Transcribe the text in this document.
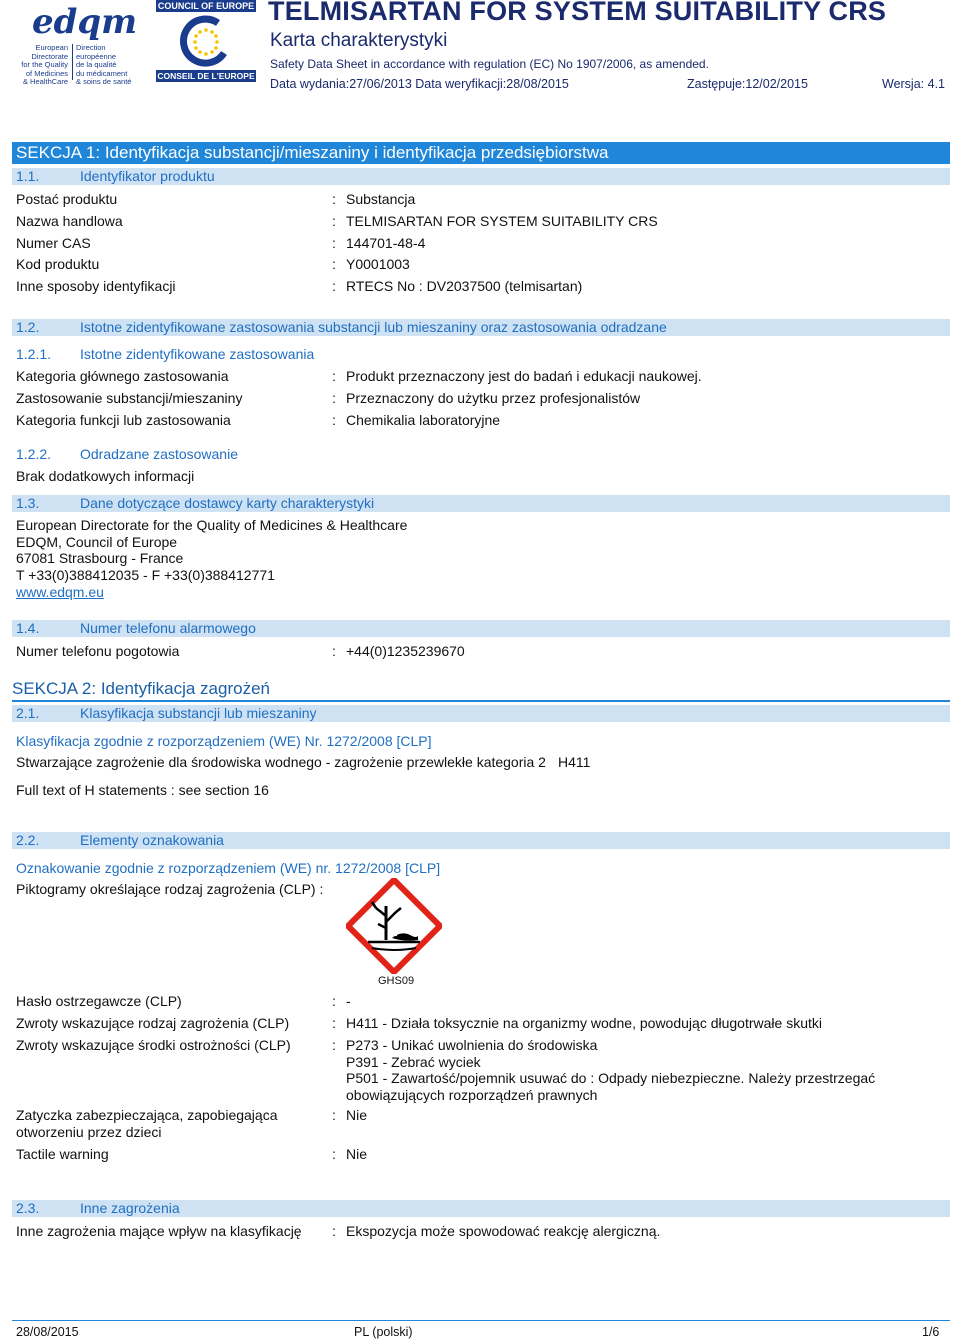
edqm
European Directorate
for the Quality
of Medicines
& HealthCare
Direction européenne
de la qualité
du médicament
& soins de santé
COUNCIL OF EUROPE
CONSEIL DE L'EUROPE
TELMISARTAN FOR SYSTEM SUITABILITY CRS
Karta charakterystyki
Safety Data Sheet in accordance with regulation (EC) No 1907/2006, as amended.
Data wydania:27/06/2013 Data weryfikacji:28/08/2015	Zastępuje:12/02/2015	Wersja: 4.1
SEKCJA 1: Identyfikacja substancji/mieszaniny i identyfikacja przedsiębiorstwa
1.1.	Identyfikator produktu
Postać produktu	: Substancja
Nazwa handlowa	: TELMISARTAN FOR SYSTEM SUITABILITY CRS
Numer CAS	: 144701-48-4
Kod produktu	: Y0001003
Inne sposoby identyfikacji	: RTECS No : DV2037500 (telmisartan)
1.2.	Istotne zidentyfikowane zastosowania substancji lub mieszaniny oraz zastosowania odradzane
1.2.1. Istotne zidentyfikowane zastosowania
Kategoria głównego zastosowania	: Produkt przeznaczony jest do badań i edukacji naukowej.
Zastosowanie substancji/mieszaniny	: Przeznaczony do użytku przez profesjonalistów
Kategoria funkcji lub zastosowania	: Chemikalia laboratoryjne
1.2.2. Odradzane zastosowanie
Brak dodatkowych informacji
1.3.	Dane dotyczące dostawcy karty charakterystyki
European Directorate for the Quality of Medicines & Healthcare
EDQM, Council of Europe
67081 Strasbourg - France
T +33(0)388412035 - F +33(0)388412771
www.edqm.eu
1.4.	Numer telefonu alarmowego
Numer telefonu pogotowia	: +44(0)1235239670
SEKCJA 2: Identyfikacja zagrożeń
2.1.	Klasyfikacja substancji lub mieszaniny
Klasyfikacja zgodnie z rozporządzeniem (WE) Nr. 1272/2008 [CLP]
Stwarzające zagrożenie dla środowiska wodnego - zagrożenie przewlekłe kategoria 2 H411
Full text of H statements : see section 16
2.2.	Elementy oznakowania
Oznakowanie zgodnie z rozporządzeniem (WE) nr. 1272/2008 [CLP]
Piktogramy określające rodzaj zagrożenia (CLP) :
GHS09
Hasło ostrzegawcze (CLP)	: -
Zwroty wskazujące rodzaj zagrożenia (CLP)	: H411 - Działa toksycznie na organizmy wodne, powodując długotrwałe skutki
Zwroty wskazujące środki ostrożności (CLP)	: P273 - Unikać uwolnienia do środowiska
P391 - Zebrać wyciek
P501 - Zawartość/pojemnik usuwać do : Odpady niebezpieczne. Należy przestrzegać
obowiązujących rozporządzeń prawnych
Zatyczka zabezpieczająca, zapobiegająca
otworzeniu przez dzieci
: Nie
Tactile warning	: Nie
2.3.	Inne zagrożenia
Inne zagrożenia mające wpływ na klasyfikację : Ekspozycja może spowodować reakcję alergiczną.
28/08/2015	PL (polski)	1/6
